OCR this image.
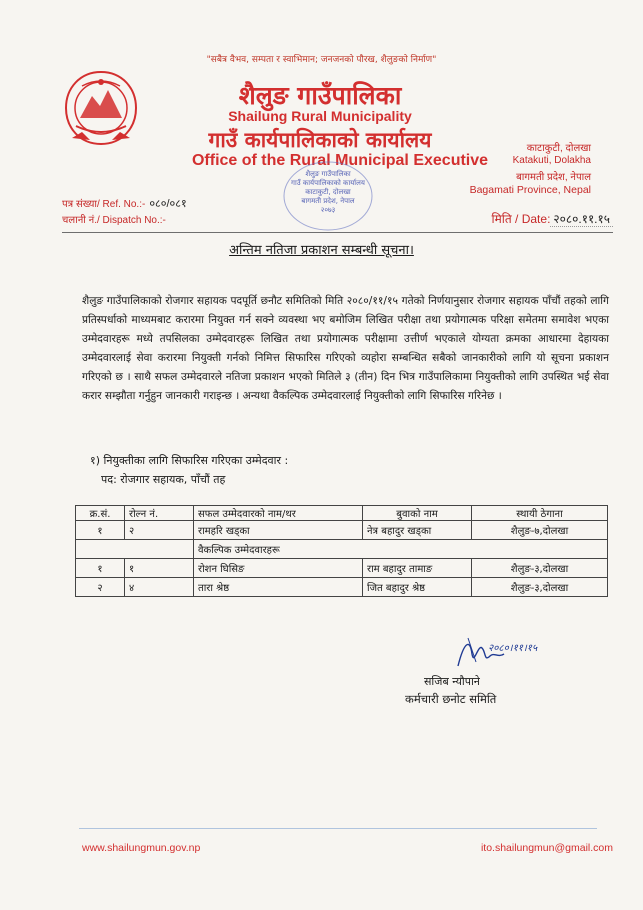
"सबैत्र वैभव, सम्पता र स्वाभिमान; जनजनको पौरख, शैलुङको निर्माण"
शैलुङ गाउँपालिका
Shailung Rural Municipality
गाउँ कार्यपालिकाको कार्यालय
Office of the Rural Municipal Executive
काटाकुटी, दोलखा
Katakuti, Dolakha
बागमती प्रदेश, नेपाल
Bagamati Province, Nepal
पत्र संख्या/ Ref. No.:- ०८०/०८१
चलानी नं./ Dispatch No.:-
शैलुङ गाउँपालिका
गाउँ कार्यपालिकाको कार्यालय
काटाकुटी, दोलखा
बागमती प्रदेश, नेपाल
२०७३
मिति / Date: २०८०.११.१५
अन्तिम नतिजा प्रकाशन सम्बन्धी सूचना।
शैलुङ गाउँपालिकाको रोजगार सहायक पदपूर्ति छनौट समितिको मिति २०८०/११/१५ गतेको निर्णयानुसार रोजगार सहायक पाँचौं तहको लागि प्रतिस्पर्धाको माध्यमबाट करारमा नियुक्त गर्न सक्ने व्यवस्था भए बमोजिम लिखित परीक्षा तथा प्रयोगात्मक परिक्षा समेतमा समावेश भएका उम्मेदवारहरू मध्ये तपसिलका उम्मेदवारहरू लिखित तथा प्रयोगात्मक परीक्षामा उत्तीर्ण भएकाले योग्यता क्रमका आधारमा देहायका उम्मेदवारलाई सेवा करारमा नियुक्ती गर्नको निमित्त सिफारिस गरिएको व्यहोरा सम्बन्धित सबैको जानकारीको लागि यो सूचना प्रकाशन गरिएको छ । साथै सफल उम्मेदवारले नतिजा प्रकाशन भएको मितिले ३ (तीन) दिन भित्र गाउँपालिकामा नियुक्तीको लागि उपस्थित भई सेवा करार सम्झौता गर्नुहुन जानकारी गराइन्छ । अन्यथा वैकल्पिक उम्मेदवारलाई नियुक्तीको लागि सिफारिस गरिनेछ ।
१) नियुक्तीका लागि सिफारिस गरिएका उम्मेदवार :
पद: रोजगार सहायक, पाँचौं तह
क्र.सं.	रोल्न नं.	सफल उम्मेदवारको नाम/थर	बुवाको नाम	स्थायी ठेगाना
१	२	रामहरि खड्का	नेत्र बहादुर खड्का	शैलुङ-७,दोलखा
		वैकल्पिक उम्मेदवारहरू		
१	१	रोशन घिसिङ	राम बहादुर तामाङ	शैलुङ-३,दोलखा
२	४	तारा श्रेष्ठ	जित बहादुर श्रेष्ठ	शैलुङ-३,दोलखा
२०८०।११।१५
सजिब न्यौपाने
कर्मचारी छनोट समिति
www.shailungmun.gov.np	ito.shailungmun@gmail.com
